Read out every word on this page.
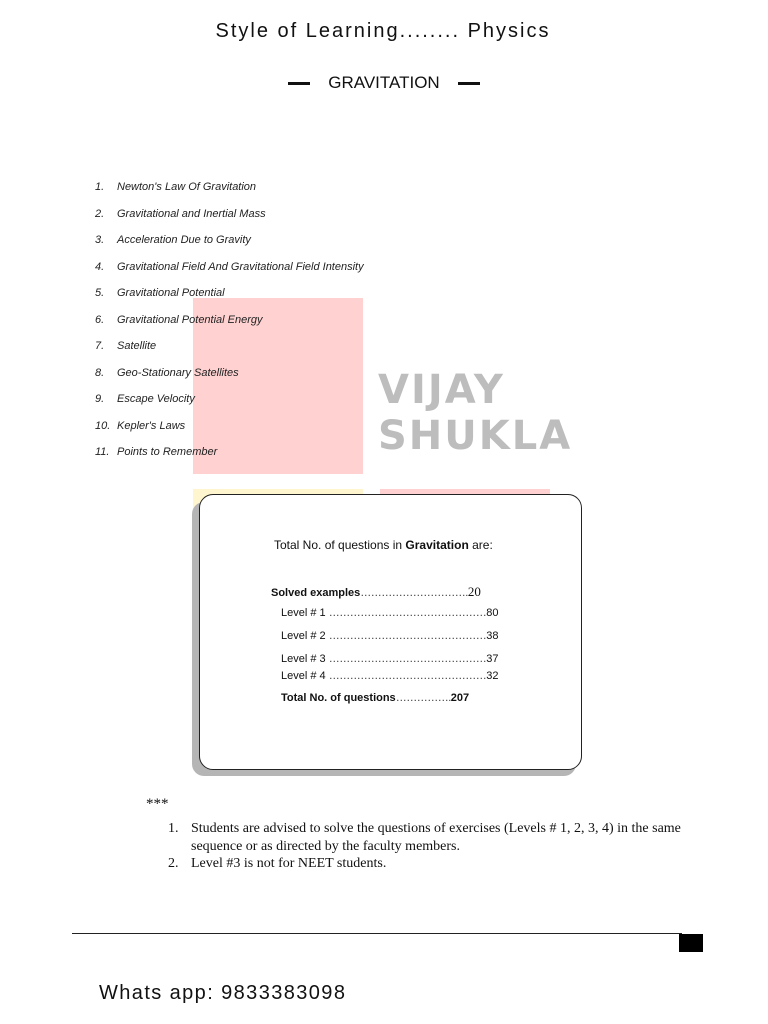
Style of Learning........ Physics
GRAVITATION
VIJAY
SHUKLA
1.	Newton's Law Of Gravitation
2.	Gravitational and Inertial Mass
3.	Acceleration Due to Gravity
4.	Gravitational Field And Gravitational Field Intensity
5.	Gravitational Potential
6.	Gravitational Potential Energy
7.	Satellite
8.	Geo-Stationary Satellites
9.	Escape Velocity
10. Kepler's Laws
11. Points to Remember
Total No. of questions in Gravitation are:
Solved examples………………………….20
Level # 1 ………………………………………80
Level # 2 ………………………………………38
Level # 3 ………………………………………37
Level # 4 ………………………………………32
Total No. of questions…………….207
***
1. Students are advised to solve the questions of exercises (Levels # 1, 2, 3, 4) in the same sequence or as directed by the faculty members.
2. Level #3 is not for NEET students.
Whats app: 9833383098
